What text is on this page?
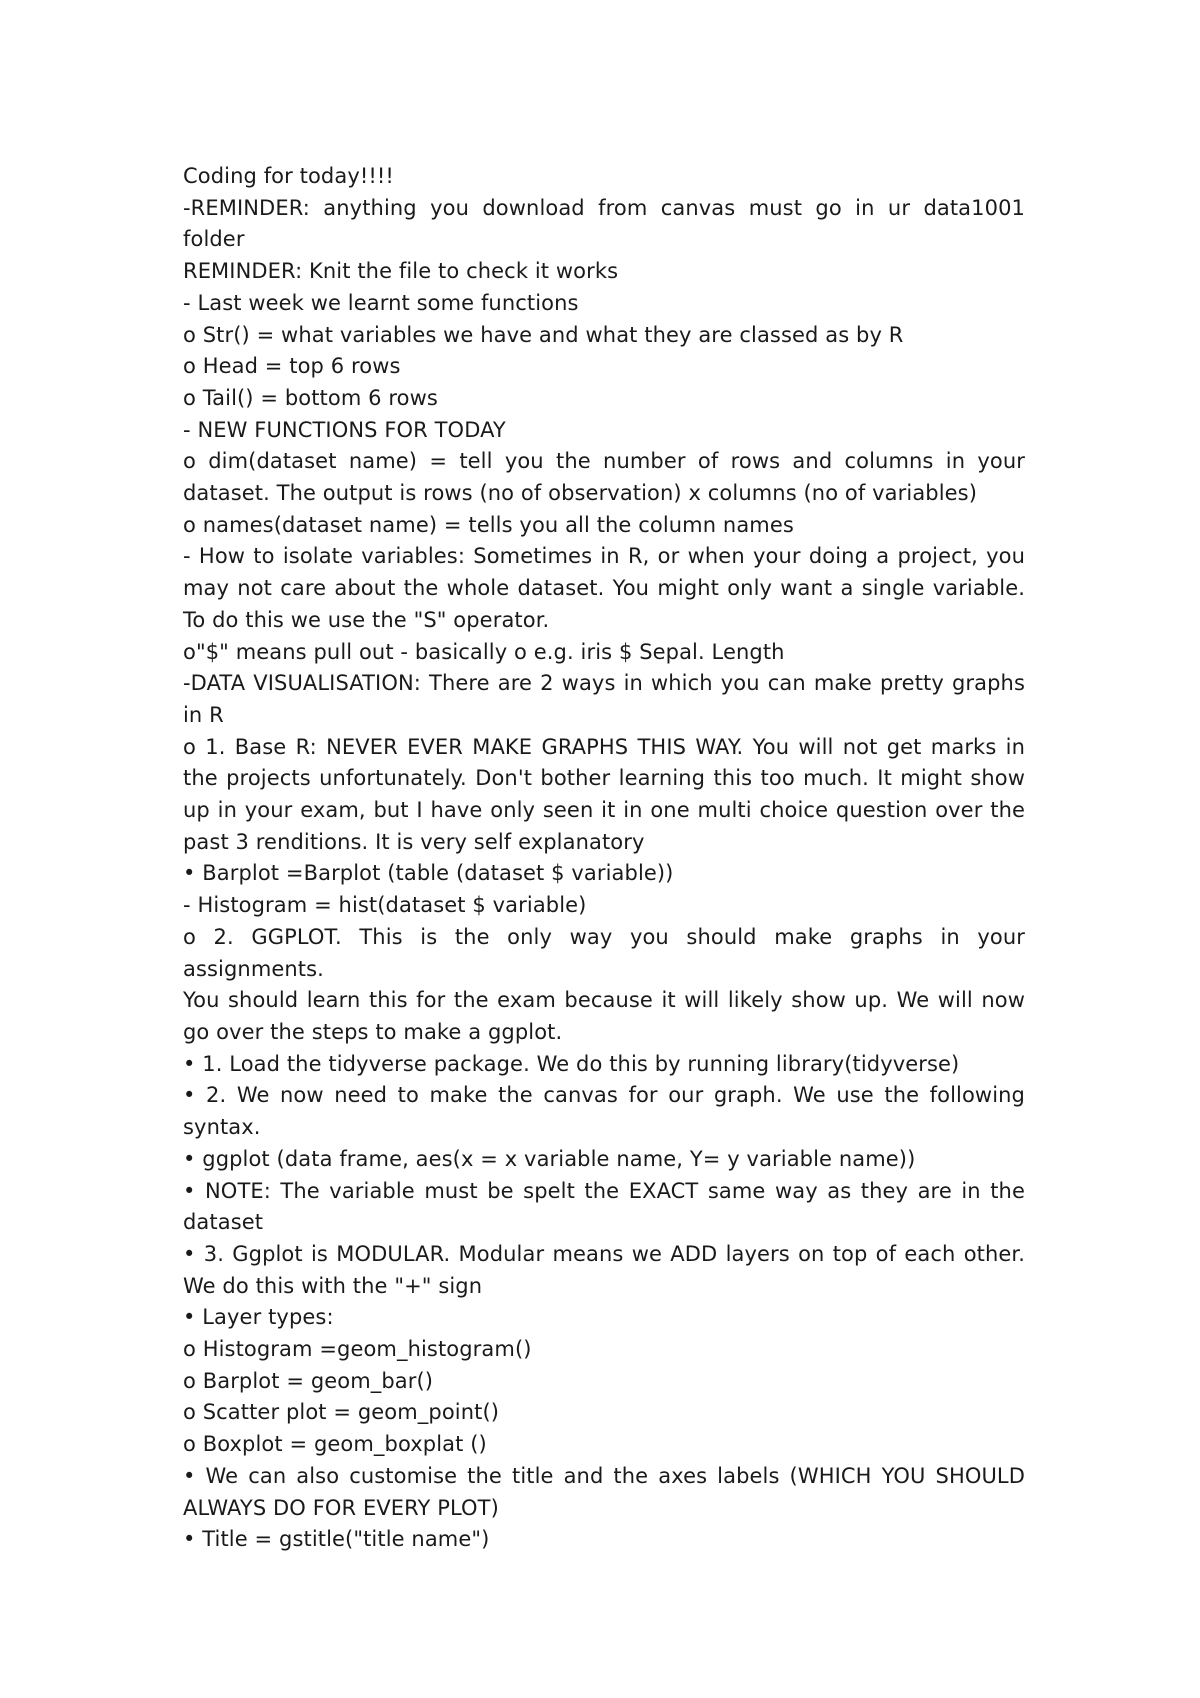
Coding for today!!!!

-REMINDER: anything you download from canvas must go in ur data1001 folder

REMINDER: Knit the file to check it works

- Last week we learnt some functions

o Str() = what variables we have and what they are classed as by R

o Head = top 6 rows

o Tail() = bottom 6 rows

- NEW FUNCTIONS FOR TODAY

o dim(dataset name) = tell you the number of rows and columns in your dataset. The output is rows (no of observation) x columns (no of variables)

o names(dataset name) = tells you all the column names

- How to isolate variables: Sometimes in R, or when your doing a project, you may not care about the whole dataset. You might only want a single variable. To do this we use the "S" operator.

o"$" means pull out - basically o e.g. iris $ Sepal. Length

-DATA VISUALISATION: There are 2 ways in which you can make pretty graphs in R

o 1. Base R: NEVER EVER MAKE GRAPHS THIS WAY. You will not get marks in the projects unfortunately. Don't bother learning this too much. It might show up in your exam, but I have only seen it in one multi choice question over the past 3 renditions. It is very self explanatory

• Barplot =Barplot (table (dataset $ variable))

- Histogram = hist(dataset $ variable)

o 2. GGPLOT. This is the only way you should make graphs in your assignments.

You should learn this for the exam because it will likely show up. We will now go over the steps to make a ggplot.

• 1. Load the tidyverse package. We do this by running library(tidyverse)

• 2. We now need to make the canvas for our graph. We use the following syntax.

• ggplot (data frame, aes(x = x variable name, Y= y variable name))

• NOTE: The variable must be spelt the EXACT same way as they are in the dataset

• 3. Ggplot is MODULAR. Modular means we ADD layers on top of each other. We do this with the "+" sign

• Layer types:

o Histogram =geom_histogram()

o Barplot = geom_bar()

o Scatter plot = geom_point()

o Boxplot = geom_boxplat ()

• We can also customise the title and the axes labels (WHICH YOU SHOULD ALWAYS DO FOR EVERY PLOT)

• Title = gstitle("title name")
